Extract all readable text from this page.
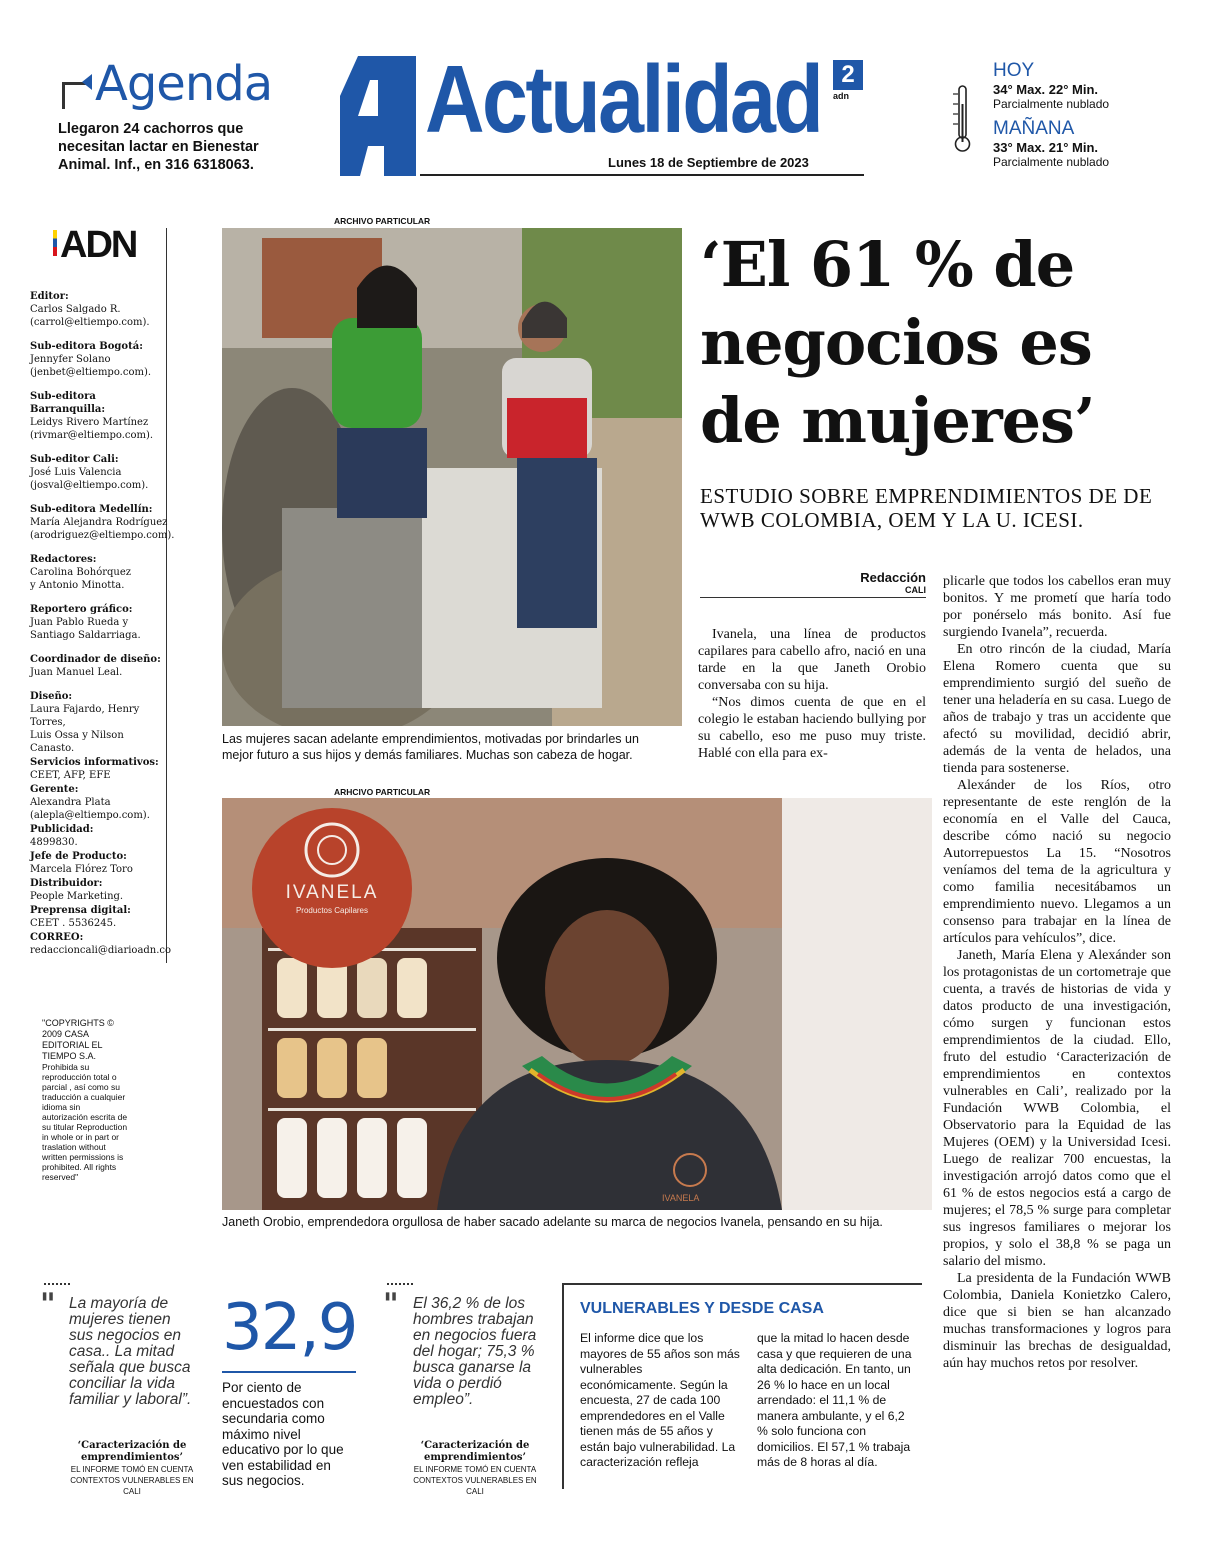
Agenda
Llegaron 24 cachorros que necesitan lactar en Bienestar Animal. Inf., en 316 6318063.
Actualidad
Lunes 18 de Septiembre de 2023
2
adn
HOY
34° Max. 22° Min.
Parcialmente nublado
MAÑANA
33° Max. 21° Min.
Parcialmente nublado
ADN
Editor:
Carlos Salgado R.
(carrol@eltiempo.com).
Sub-editora Bogotá:
Jennyfer Solano
(jenbet@eltiempo.com).
Sub-editora Barranquilla:
Leidys Rivero Martínez
(rivmar@eltiempo.com).
Sub-editor Cali:
José Luis Valencia
(josval@eltiempo.com).
Sub-editora Medellín:
María Alejandra Rodríguez
(arodriguez@eltiempo.com).
Redactores:
Carolina Bohórquez
y Antonio Minotta.
Reportero gráfico:
Juan Pablo Rueda y
Santiago Saldarriaga.
Coordinador de diseño:
Juan Manuel Leal.
Diseño:
Laura Fajardo, Henry Torres,
Luis Ossa y Nilson Canasto.
Servicios informativos:
CEET, AFP, EFE
Gerente:
Alexandra Plata
(alepla@eltiempo.com).
Publicidad:
4899830.
Jefe de Producto:
Marcela Flórez Toro
Distribuidor:
People Marketing.
Preprensa digital:
CEET . 5536245.
CORREO:
redaccioncali@diarioadn.co
"COPYRIGHTS © 2009 CASA EDITORIAL EL TIEMPO S.A.
Prohibida su reproducción total o parcial , así como su traducción a cualquier idioma sin autorización escrita de su titular Reproduction in whole or in part or traslation without written permissions is prohibited. All rights reserved"
ARCHIVO PARTICULAR
Las mujeres sacan adelante emprendimientos, motivadas por brindarles un mejor futuro a sus hijos y demás familiares. Muchas son cabeza de hogar.
ARHCIVO PARTICULAR
IVANELA
Productos Capilares
IVANELA
Janeth Orobio, emprendedora orgullosa de haber sacado adelante su marca de negocios Ivanela, pensando en su hija.
‘El 61 % de negocios es de mujeres’
ESTUDIO SOBRE EMPRENDIMIENTOS DE DE WWB COLOMBIA, OEM Y LA U. ICESI.
Redacción
CALI

Ivanela, una línea de productos capilares para cabello afro, nació en una tarde en la que Janeth Orobio conversaba con su hija.

“Nos dimos cuenta de que en el colegio le estaban haciendo bullying por su cabello, eso me puso muy triste. Hablé con ella para ex-

plicarle que todos los cabellos eran muy bonitos. Y me prometí que haría todo por ponérselo más bonito. Así fue surgiendo Ivanela”, recuerda.

En otro rincón de la ciudad, María Elena Romero cuenta que su emprendimiento surgió del sueño de tener una heladería en su casa. Luego de años de trabajo y tras un accidente que afectó su movilidad, decidió abrir, además de la venta de helados, una tienda para sostenerse.

Alexánder de los Ríos, otro representante de este renglón de la economía en el Valle del Cauca, describe cómo nació su negocio Autorrepuestos La 15. “Nosotros veníamos del tema de la agricultura y como familia necesitábamos un emprendimiento nuevo. Llegamos a un consenso para trabajar en la línea de artículos para vehículos”, dice.

Janeth, María Elena y Alexánder son los protagonistas de un cortometraje que cuenta, a través de historias de vida y datos producto de una investigación, cómo surgen y funcionan estos emprendimientos de la ciudad. Ello, fruto del estudio ‘Caracterización de emprendimientos en contextos vulnerables en Cali’, realizado por la Fundación WWB Colombia, el Observatorio para la Equidad de las Mujeres (OEM) y la Universidad Icesi. Luego de realizar 700 encuestas, la investigación arrojó datos como que el 61 % de estos negocios está a cargo de mujeres; el 78,5 % surge para completar sus ingresos familiares o mejorar los propios, y solo el 38,8 % se paga un salario del mismo.

La presidenta de la Fundación WWB Colombia, Daniela Konietzko Calero, dice que si bien se han alcanzado muchas transformaciones y logros para disminuir las brechas de desigualdad, aún hay muchos retos por resolver.

" La mayoría de mujeres tienen sus negocios en casa.. La mitad señala que busca conciliar la vida familiar y laboral”.
‘Caracterización de emprendimientos’
EL INFORME TOMÓ EN CUENTA CONTEXTOS VULNERABLES EN CALI
32,9
Por ciento de encuestados con secundaria como máximo nivel educativo por lo que ven estabilidad en sus negocios.
" El 36,2 % de los hombres trabajan en negocios fuera del hogar; 75,3 % busca ganarse la vida o perdió empleo”.
‘Caracterización de emprendimientos’
EL INFORME TOMÓ EN CUENTA CONTEXTOS VULNERABLES EN CALI
VULNERABLES Y DESDE CASA
El informe dice que los mayores de 55 años son más vulnerables económicamente. Según la encuesta, 27 de cada 100 emprendedores en el Valle tienen más de 55 años y están bajo vulnerabilidad. La caracterización refleja
que la mitad lo hacen desde casa y que requieren de una alta dedicación. En tanto, un 26 % lo hace en un local arrendado: el 11,1 % de manera ambulante, y el 6,2 % solo funciona con domicilios. El 57,1 % trabaja más de 8 horas al día.
